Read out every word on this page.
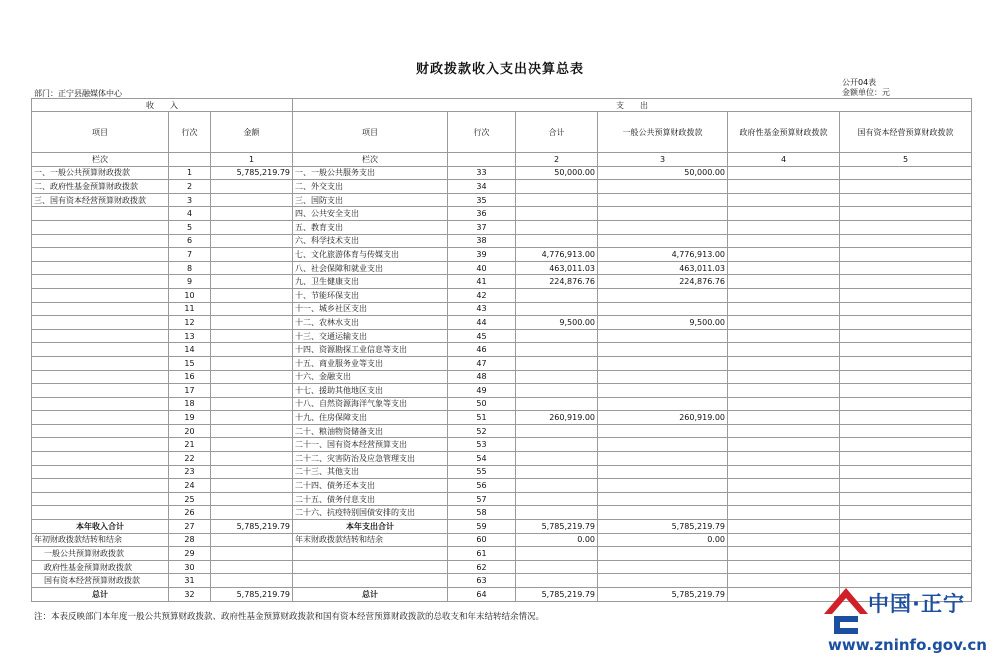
财政拨款收入支出决算总表
公开04表
金额单位：元
部门：正宁县融媒体中心
收　　入			支　　出					
项目	行次	金额	项目	行次	合计	一般公共预算财政拨款	政府性基金预算财政拨款	国有资本经营预算财政拨款
栏次		1	栏次		2	3	4	5
一、一般公共预算财政拨款	1	5,785,219.79	一、一般公共服务支出	33	50,000.00	50,000.00		
二、政府性基金预算财政拨款	2		二、外交支出	34				
三、国有资本经营预算财政拨款	3		三、国防支出	35				
	4		四、公共安全支出	36				
	5		五、教育支出	37				
	6		六、科学技术支出	38				
	7		七、文化旅游体育与传媒支出	39	4,776,913.00	4,776,913.00		
	8		八、社会保障和就业支出	40	463,011.03	463,011.03		
	9		九、卫生健康支出	41	224,876.76	224,876.76		
	10		十、节能环保支出	42				
	11		十一、城乡社区支出	43				
	12		十二、农林水支出	44	9,500.00	9,500.00		
	13		十三、交通运输支出	45				
	14		十四、资源勘探工业信息等支出	46				
	15		十五、商业服务业等支出	47				
	16		十六、金融支出	48				
	17		十七、援助其他地区支出	49				
	18		十八、自然资源海洋气象等支出	50				
	19		十九、住房保障支出	51	260,919.00	260,919.00		
	20		二十、粮油物资储备支出	52				
	21		二十一、国有资本经营预算支出	53				
	22		二十二、灾害防治及应急管理支出	54				
	23		二十三、其他支出	55				
	24		二十四、债务还本支出	56				
	25		二十五、债务付息支出	57				
	26		二十六、抗疫特别国债安排的支出	58				
本年收入合计	27	5,785,219.79	本年支出合计	59	5,785,219.79	5,785,219.79		
年初财政拨款结转和结余	28		年末财政拨款结转和结余	60	0.00	0.00		
一般公共预算财政拨款	29			61				
政府性基金预算财政拨款	30			62				
国有资本经营预算财政拨款	31			63				
总计	32	5,785,219.79	总计	64	5,785,219.79	5,785,219.79		
注：本表反映部门本年度一般公共预算财政拨款、政府性基金预算财政拨款和国有资本经营预算财政拨款的总收支和年末结转结余情况。
中国·正宁
www.zninfo.gov.cn
